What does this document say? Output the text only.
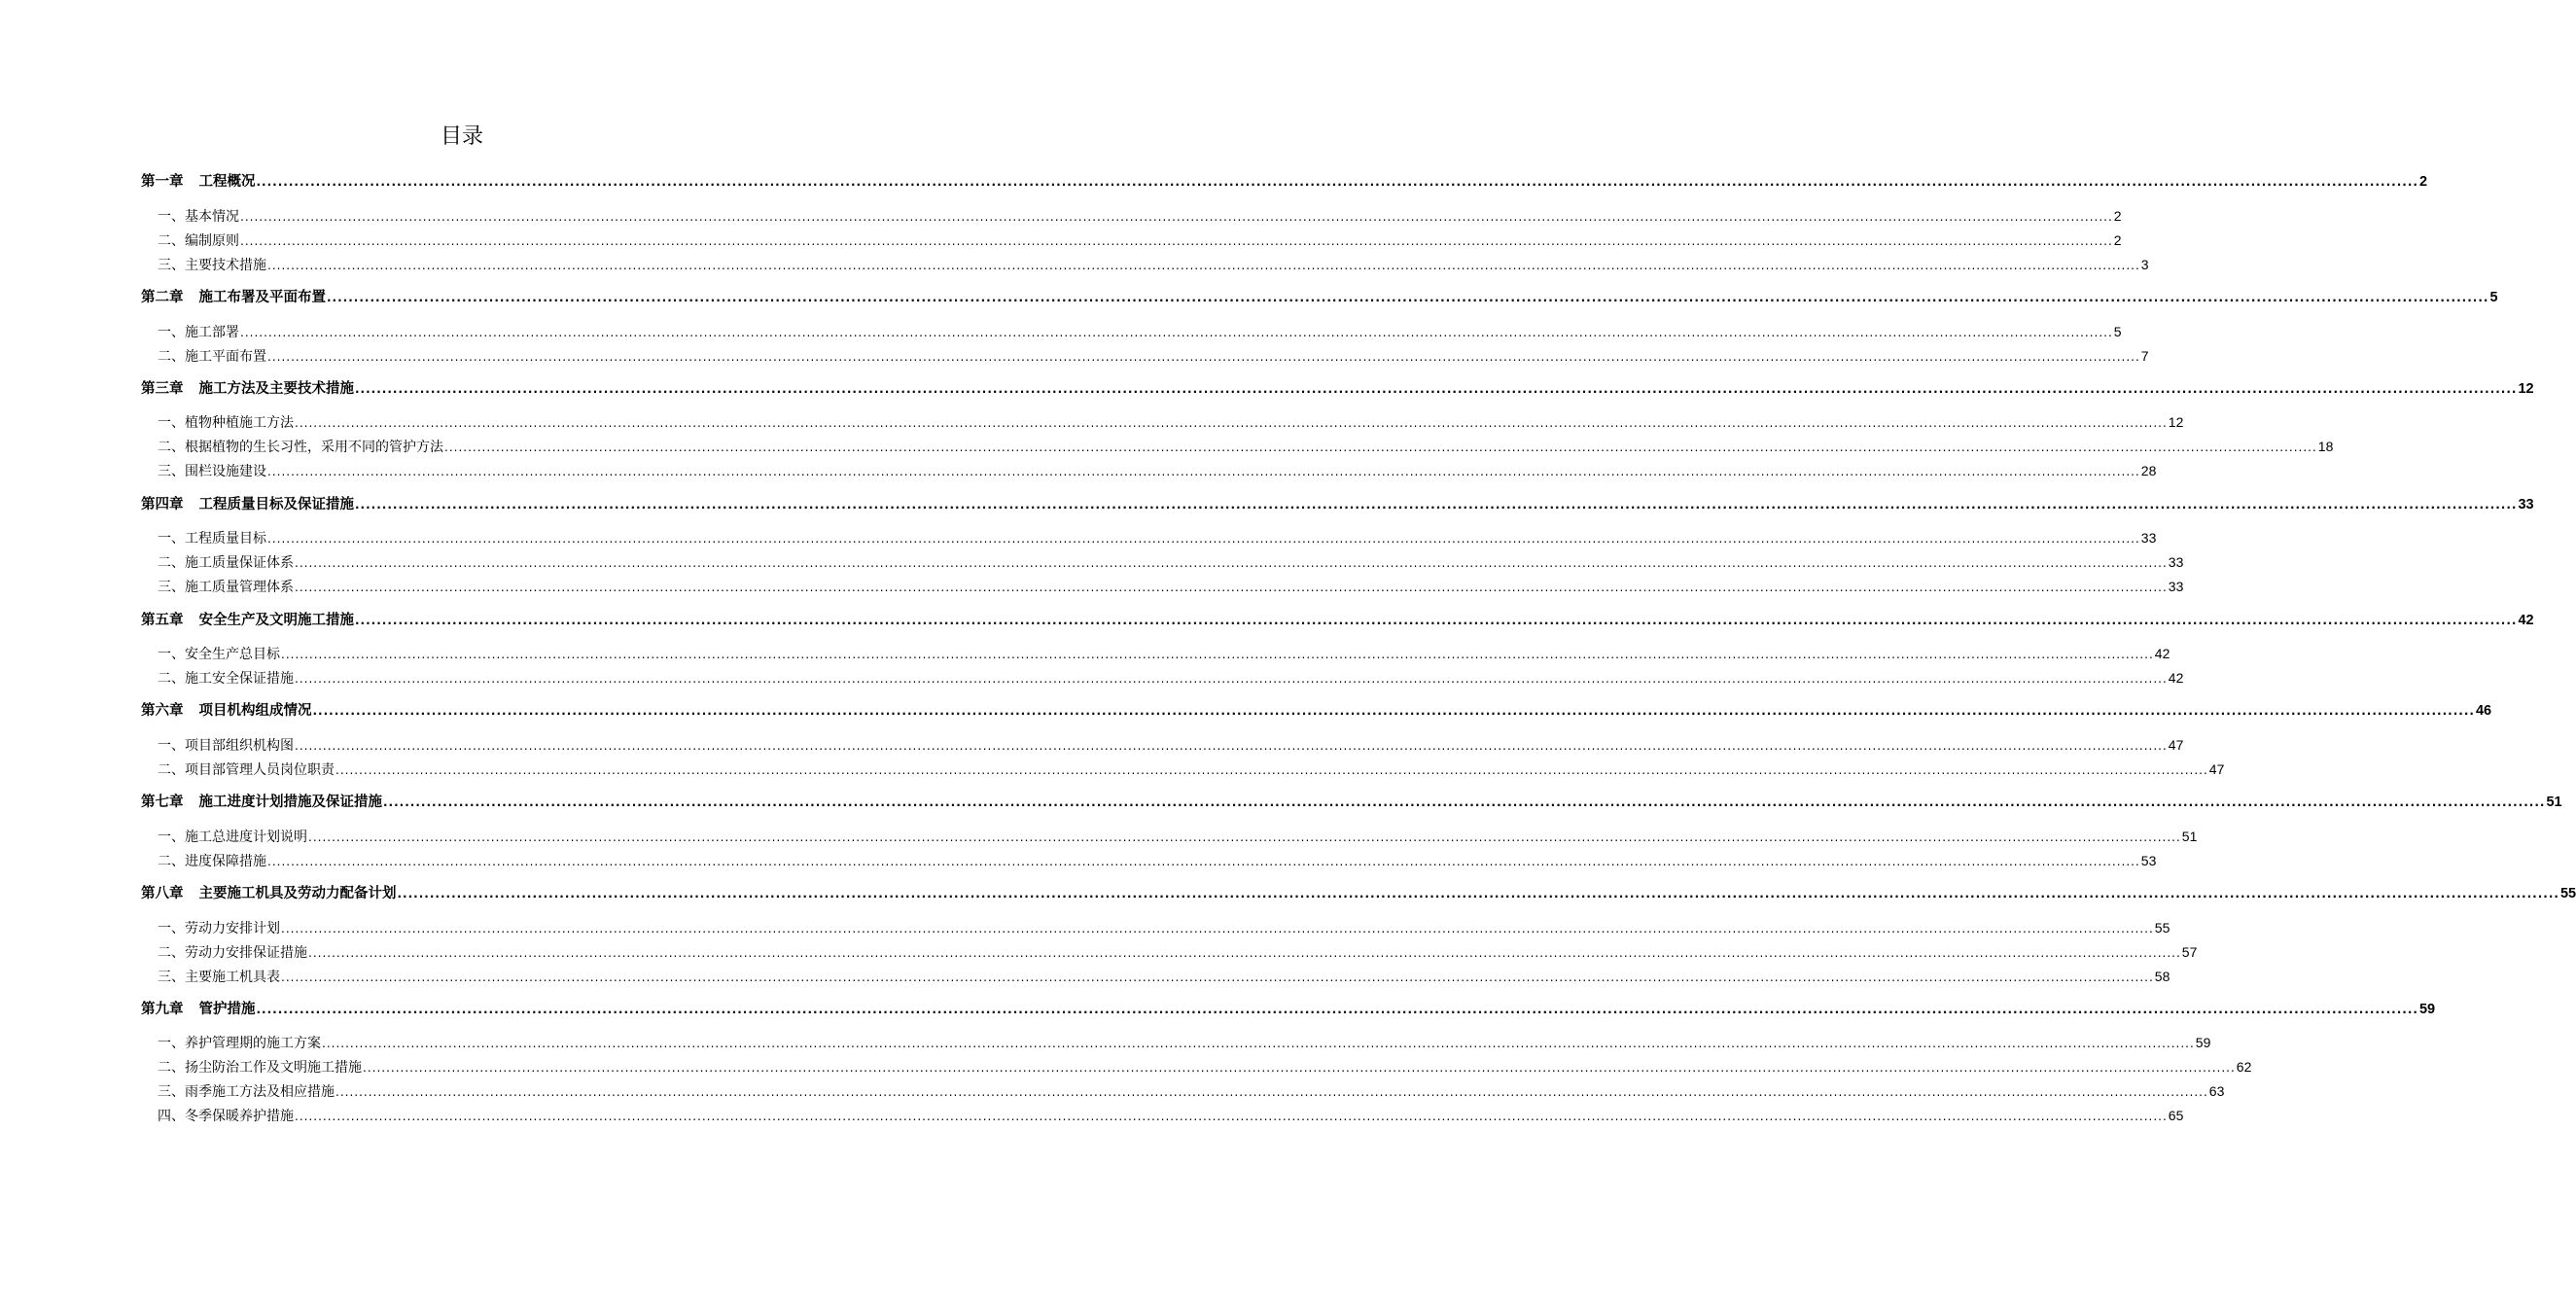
目录
第一章 工程概况 ................................................................................................................................................................................................................................................................................................................................................................................................................ 2
一、基本情况 ................................................................................................................................................................................................................................................................................................................................................................................................................ 2
二、编制原则 ................................................................................................................................................................................................................................................................................................................................................................................................................ 2
三、主要技术措施 ................................................................................................................................................................................................................................................................................................................................................................................................................ 3
第二章 施工布署及平面布置 ................................................................................................................................................................................................................................................................................................................................................................................................................ 5
一、施工部署 ................................................................................................................................................................................................................................................................................................................................................................................................................ 5
二、施工平面布置 ................................................................................................................................................................................................................................................................................................................................................................................................................ 7
第三章 施工方法及主要技术措施 ................................................................................................................................................................................................................................................................................................................................................................................................................ 12
一、植物种植施工方法 ................................................................................................................................................................................................................................................................................................................................................................................................................ 12
二、根据植物的生长习性，采用不同的管护方法 ................................................................................................................................................................................................................................................................................................................................................................................................................ 18
三、围栏设施建设 ................................................................................................................................................................................................................................................................................................................................................................................................................ 28
第四章 工程质量目标及保证措施 ................................................................................................................................................................................................................................................................................................................................................................................................................ 33
一、工程质量目标 ................................................................................................................................................................................................................................................................................................................................................................................................................ 33
二、施工质量保证体系 ................................................................................................................................................................................................................................................................................................................................................................................................................ 33
三、施工质量管理体系 ................................................................................................................................................................................................................................................................................................................................................................................................................ 33
第五章 安全生产及文明施工措施 ................................................................................................................................................................................................................................................................................................................................................................................................................ 42
一、安全生产总目标 ................................................................................................................................................................................................................................................................................................................................................................................................................ 42
二、施工安全保证措施 ................................................................................................................................................................................................................................................................................................................................................................................................................ 42
第六章 项目机构组成情况 ................................................................................................................................................................................................................................................................................................................................................................................................................ 46
一、项目部组织机构图 ................................................................................................................................................................................................................................................................................................................................................................................................................ 47
二、项目部管理人员岗位职责 ................................................................................................................................................................................................................................................................................................................................................................................................................ 47
第七章 施工进度计划措施及保证措施 ................................................................................................................................................................................................................................................................................................................................................................................................................ 51
一、施工总进度计划说明 ................................................................................................................................................................................................................................................................................................................................................................................................................ 51
二、进度保障措施 ................................................................................................................................................................................................................................................................................................................................................................................................................ 53
第八章 主要施工机具及劳动力配备计划 ................................................................................................................................................................................................................................................................................................................................................................................................................ 55
一、劳动力安排计划 ................................................................................................................................................................................................................................................................................................................................................................................................................ 55
二、劳动力安排保证措施 ................................................................................................................................................................................................................................................................................................................................................................................................................ 57
三、主要施工机具表 ................................................................................................................................................................................................................................................................................................................................................................................................................ 58
第九章 管护措施 ................................................................................................................................................................................................................................................................................................................................................................................................................ 59
一、养护管理期的施工方案 ................................................................................................................................................................................................................................................................................................................................................................................................................ 59
二、扬尘防治工作及文明施工措施 ................................................................................................................................................................................................................................................................................................................................................................................................................ 62
三、雨季施工方法及相应措施 ................................................................................................................................................................................................................................................................................................................................................................................................................ 63
四、冬季保暖养护措施 ................................................................................................................................................................................................................................................................................................................................................................................................................ 65
